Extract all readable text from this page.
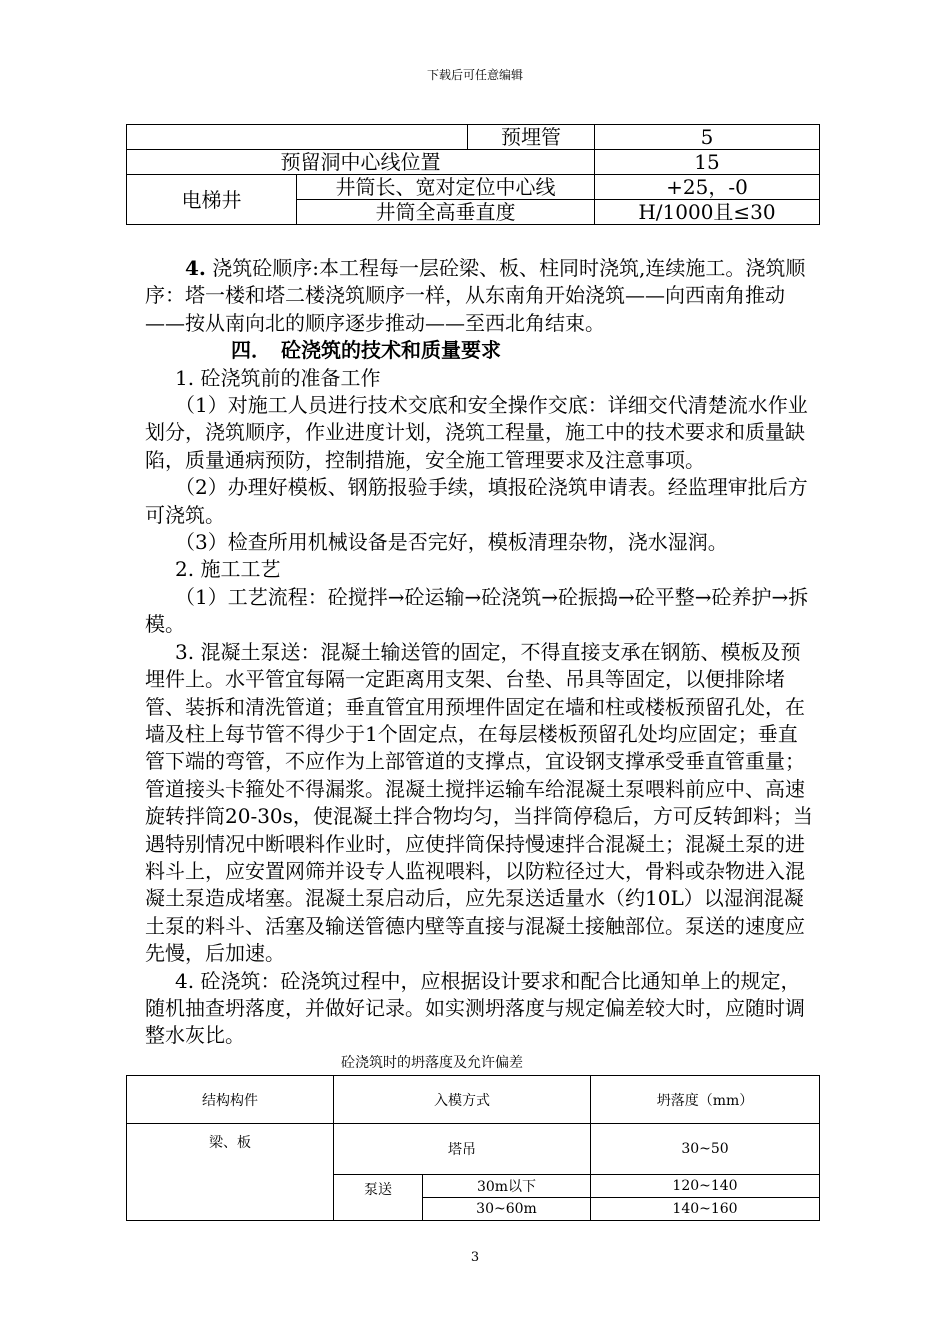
下载后可任意编辑
		预埋管	5
预留洞中心线位置			15
电梯井	井筒长、宽对定位中心线		+25，-0
	井筒全高垂直度		H/1000且≤30

4. 浇筑砼顺序:本工程每一层砼梁、板、柱同时浇筑,连续施工。浇筑顺序：塔一楼和塔二楼浇筑顺序一样，从东南角开始浇筑——向西南角推动——按从南向北的顺序逐步推动——至西北角结束。

四．　砼浇筑的技术和质量要求

1. 砼浇筑前的准备工作

（1）对施工人员进行技术交底和安全操作交底：详细交代清楚流水作业划分，浇筑顺序，作业进度计划，浇筑工程量，施工中的技术要求和质量缺陷，质量通病预防，控制措施，安全施工管理要求及注意事项。

（2）办理好模板、钢筋报验手续，填报砼浇筑申请表。经监理审批后方可浇筑。

（3）检查所用机械设备是否完好，模板清理杂物，浇水湿润。

2. 施工工艺

（1）工艺流程：砼搅拌→砼运输→砼浇筑→砼振捣→砼平整→砼养护→拆模。

3. 混凝土泵送：混凝土输送管的固定，不得直接支承在钢筋、模板及预埋件上。水平管宜每隔一定距离用支架、台垫、吊具等固定，以便排除堵管、装拆和清洗管道；垂直管宜用预埋件固定在墙和柱或楼板预留孔处，在墙及柱上每节管不得少于1个固定点，在每层楼板预留孔处均应固定；垂直管下端的弯管，不应作为上部管道的支撑点，宜设钢支撑承受垂直管重量；管道接头卡箍处不得漏浆。混凝土搅拌运输车给混凝土泵喂料前应中、高速旋转拌筒20-30s，使混凝土拌合物均匀，当拌筒停稳后，方可反转卸料；当遇特别情况中断喂料作业时，应使拌筒保持慢速拌合混凝土；混凝土泵的进料斗上，应安置网筛并设专人监视喂料，以防粒径过大，骨料或杂物进入混凝土泵造成堵塞。混凝土泵启动后，应先泵送适量水（约10L）以湿润混凝土泵的料斗、活塞及输送管德内壁等直接与混凝土接触部位。泵送的速度应先慢，后加速。

4. 砼浇筑：砼浇筑过程中，应根据设计要求和配合比通知单上的规定，随机抽查坍落度，并做好记录。如实测坍落度与规定偏差较大时，应随时调整水灰比。

砼浇筑时的坍落度及允许偏差
结构构件	入模方式		坍落度（mm）
梁、板	塔吊		30~50
	泵送	30m以下	120~140
		30~60m	140~160
3
